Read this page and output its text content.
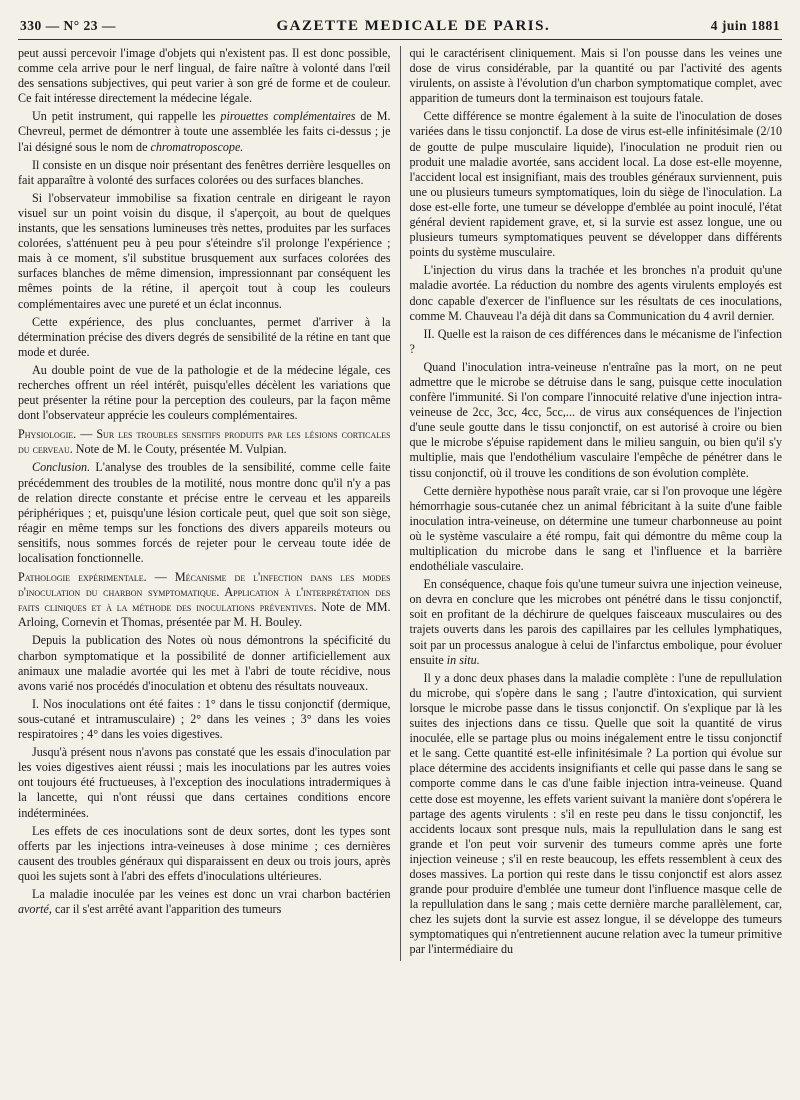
330 — N° 23 —	GAZETTE MEDICALE DE PARIS.	4 juin 1881

peut aussi percevoir l'image d'objets qui n'existent pas. Il est donc possible, comme cela arrive pour le nerf lingual, de faire naître à volonté dans l'œil des sensations subjectives, qui peut varier à son gré de forme et de couleur. Ce fait intéresse directement la médecine légale.

Un petit instrument, qui rappelle les pirouettes complémentaires de M. Chevreul, permet de démontrer à toute une assemblée les faits ci-dessus ; je l'ai désigné sous le nom de chromatroposcope.

Il consiste en un disque noir présentant des fenêtres derrière lesquelles on fait apparaître à volonté des surfaces colorées ou des surfaces blanches.

Si l'observateur immobilise sa fixation centrale en dirigeant le rayon visuel sur un point voisin du disque, il s'aperçoit, au bout de quelques instants, que les sensations lumineuses très nettes, produites par les surfaces colorées, s'atténuent peu à peu pour s'éteindre s'il prolonge l'expérience ; mais à ce moment, s'il substitue brusquement aux surfaces colorées des surfaces blanches de même dimension, impressionnant par conséquent les mêmes points de la rétine, il aperçoit tout à coup les couleurs complémentaires avec une pureté et un éclat inconnus.

Cette expérience, des plus concluantes, permet d'arriver à la détermination précise des divers degrés de sensibilité de la rétine en tant que mode et durée.

Au double point de vue de la pathologie et de la médecine légale, ces recherches offrent un réel intérêt, puisqu'elles décèlent les variations que peut présenter la rétine pour la perception des couleurs, par la façon même dont l'observateur apprécie les couleurs complémentaires.

Physiologie. — Sur les troubles sensitifs produits par les lésions corticales du cerveau. Note de M. le Couty, présentée M. Vulpian.

Conclusion. L'analyse des troubles de la sensibilité, comme celle faite précédemment des troubles de la motilité, nous montre donc qu'il n'y a pas de relation directe constante et précise entre le cerveau et les appareils périphériques ; et, puisqu'une lésion corticale peut, quel que soit son siège, réagir en même temps sur les fonctions des divers appareils moteurs ou sensitifs, nous sommes forcés de rejeter pour le cerveau toute idée de localisation fonctionnelle.

Pathologie expérimentale. — Mécanisme de l'infection dans les modes d'inoculation du charbon symptomatique. Application à l'interprétation des faits cliniques et à la méthode des inoculations préventives. Note de MM. Arloing, Cornevin et Thomas, présentée par M. H. Bouley.

Depuis la publication des Notes où nous démontrons la spécificité du charbon symptomatique et la possibilité de donner artificiellement aux animaux une maladie avortée qui les met à l'abri de toute récidive, nous avons varié nos procédés d'inoculation et obtenu des résultats nouveaux.

I. Nos inoculations ont été faites : 1° dans le tissu conjonctif (dermique, sous-cutané et intramusculaire) ; 2° dans les veines ; 3° dans les voies respiratoires ; 4° dans les voies digestives.

Jusqu'à présent nous n'avons pas constaté que les essais d'inoculation par les voies digestives aient réussi ; mais les inoculations par les autres voies ont toujours été fructueuses, à l'exception des inoculations intradermiques à la lancette, qui n'ont réussi que dans certaines conditions encore indéterminées.

Les effets de ces inoculations sont de deux sortes, dont les types sont offerts par les injections intra-veineuses à dose minime ; ces dernières causent des troubles généraux qui disparaissent en deux ou trois jours, après quoi les sujets sont à l'abri des effets d'inoculations ultérieures.

La maladie inoculée par les veines est donc un vrai charbon bactérien avorté, car il s'est arrêté avant l'apparition des tumeurs

qui le caractérisent cliniquement. Mais si l'on pousse dans les veines une dose de virus considérable, par la quantité ou par l'activité des agents virulents, on assiste à l'évolution d'un charbon symptomatique complet, avec apparition de tumeurs dont la terminaison est toujours fatale.

Cette différence se montre également à la suite de l'inoculation de doses variées dans le tissu conjonctif. La dose de virus est-elle infinitésimale (2/10 de goutte de pulpe musculaire liquide), l'inoculation ne produit rien ou produit une maladie avortée, sans accident local. La dose est-elle moyenne, l'accident local est insignifiant, mais des troubles généraux surviennent, puis une ou plusieurs tumeurs symptomatiques, loin du siège de l'inoculation. La dose est-elle forte, une tumeur se développe d'emblée au point inoculé, l'état général devient rapidement grave, et, si la survie est assez longue, une ou plusieurs tumeurs symptomatiques peuvent se développer dans différents points du système musculaire.

L'injection du virus dans la trachée et les bronches n'a produit qu'une maladie avortée. La réduction du nombre des agents virulents employés est donc capable d'exercer de l'influence sur les résultats de ces inoculations, comme M. Chauveau l'a déjà dit dans sa Communication du 4 avril dernier.

II. Quelle est la raison de ces différences dans le mécanisme de l'infection ?

Quand l'inoculation intra-veineuse n'entraîne pas la mort, on ne peut admettre que le microbe se détruise dans le sang, puisque cette inoculation confère l'immunité. Si l'on compare l'innocuité relative d'une injection intra-veineuse de 2cc, 3cc, 4cc, 5cc,... de virus aux conséquences de l'injection d'une seule goutte dans le tissu conjonctif, on est autorisé à croire ou bien que le microbe s'épuise rapidement dans le milieu sanguin, ou bien qu'il s'y multiplie, mais que l'endothélium vasculaire l'empêche de pénétrer dans le tissu conjonctif, où il trouve les conditions de son évolution complète.

Cette dernière hypothèse nous paraît vraie, car si l'on provoque une légère hémorrhagie sous-cutanée chez un animal fébricitant à la suite d'une faible inoculation intra-veineuse, on détermine une tumeur charbonneuse au point où le système vasculaire a été rompu, fait qui démontre du même coup la multiplication du microbe dans le sang et l'influence et la barrière endothéliale vasculaire.

En conséquence, chaque fois qu'une tumeur suivra une injection veineuse, on devra en conclure que les microbes ont pénétré dans le tissu conjonctif, soit en profitant de la déchirure de quelques faisceaux musculaires ou des trajets ouverts dans les parois des capillaires par les cellules lymphatiques, soit par un processus analogue à celui de l'infarctus embolique, pour évoluer ensuite in situ.

Il y a donc deux phases dans la maladie complète : l'une de repullulation du microbe, qui s'opère dans le sang ; l'autre d'intoxication, qui survient lorsque le microbe passe dans le tissus conjonctif. On s'explique par là les suites des injections dans ce tissu. Quelle que soit la quantité de virus inoculée, elle se partage plus ou moins inégalement entre le tissu conjonctif et le sang. Cette quantité est-elle infinitésimale ? La portion qui évolue sur place détermine des accidents insignifiants et celle qui passe dans le sang se comporte comme dans le cas d'une faible injection intra-veineuse. Quand cette dose est moyenne, les effets varient suivant la manière dont s'opérera le partage des agents virulents : s'il en reste peu dans le tissu conjonctif, les accidents locaux sont presque nuls, mais la repullulation dans le sang est grande et l'on peut voir survenir des tumeurs comme après une forte injection veineuse ; s'il en reste beaucoup, les effets ressemblent à ceux des doses massives. La portion qui reste dans le tissu conjonctif est alors assez grande pour produire d'emblée une tumeur dont l'influence masque celle de la repullulation dans le sang ; mais cette dernière marche parallèlement, car, chez les sujets dont la survie est assez longue, il se développe des tumeurs symptomatiques qui n'entretiennent aucune relation avec la tumeur primitive par l'intermédiaire du
